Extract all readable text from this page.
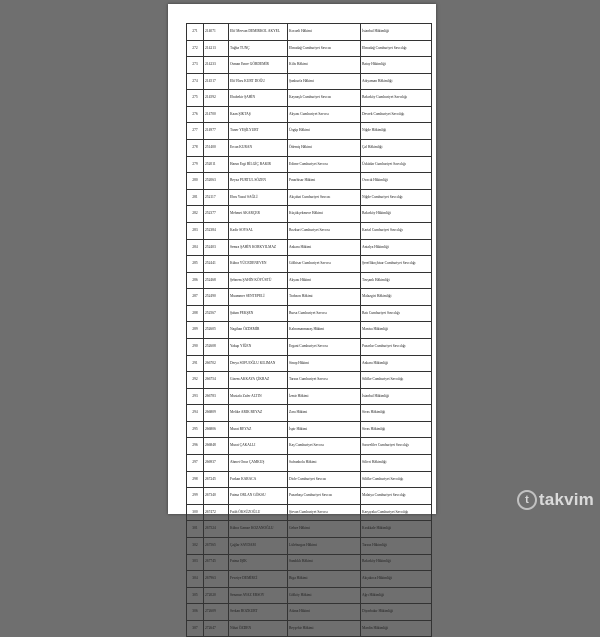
271	214071	Elif Mervan DEMIRKOL AKYEL	Kocaeli Hâkimi	İstanbul Hâkimliği
272	214213	Tuğba TUNÇ	Elmadağ Cumhuriyet Savcısı	Elmadağ Cumhuriyet Savcılığı
273	214233	Osman Emre GÖRDEMİR	Kilis Hâkimi	Batay Hâkimliği
274	214517	Elif Ebru KURT DOĞU	Şanlıurfa Hâkimi	Adıyaman Hâkimliği
275	214592	Ebubekir ŞAHİN	Kaynaşlı Cumhuriyet Savcısı	Bakırköy Cumhuriyet Savcılığı
276	214700	Kaan ŞIKTAŞ	Akyazı Cumhuriyet Savcısı	Devrek Cumhuriyet Savcılığı
277	214977	Tuner YEŞİLYURT	Ürgüp Hâkimi	Niğde Hâkimliği
278	251400	Ercan KURAN	Ödemiş Hâkimi	Çal Hâkimliği
279	252011	Harun Ergi BİLGİÇ BAKIR	Edirne Cumhuriyet Savcısı	Üsküdar Cumhuriyet Savcılığı
280	252063	Beyza PURTUL SÖZEN	Pınarhisar Hâkimi	Ovacık Hâkimliği
281	252117	Ebru Yusuf SAĞLİ	Akçabat Cumhuriyet Savcısı	Niğde Cumhuriyet Savcılığı
282	252377	Mehmet AKARÇER	Küçükçekmece Hâkimi	Bakırköy Hâkimliği
283	252384	Kadir SOYSAL	Bozkurt Cumhuriyet Savcısı	Kartal Cumhuriyet Savcılığı
284	252403	Semra ŞAHİN KORKYILMAZ	Ankara Hâkimi	Antalya Hâkimliği
285	252441	Kübra YÜCEDENEVEN	Gölhisar Cumhuriyet Savcısı	Şereflikoçhisar Cumhuriyet Savcılığı
286	252468	Şebnem ŞAHİN KÖYÜSTÜ	Akyazı Hâkimi	Tavşanlı Hâkimliği
287	252490	Muammer SENTEPELİ	Trabzon Hâkimi	Malazgirt Hâkimliği
288	252567	Şaban PEKŞEN	Bursa Cumhuriyet Savcısı	Batı Cumhuriyet Savcılığı
289	252605	Nagihan ÖZDEMİR	Kahramanmaraş Hâkimi	Manisa Hâkimliği
290	252608	Yakup YİĞEN	Ergani Cumhuriyet Savcısı	Pazarlar Cumhuriyet Savcılığı
291	266702	Derya SOFUOĞLU KILIMAN	Sinop Hâkimi	Ankara Hâkimliği
292	266754	Gizem AKKAYA ÇİKRAZ	Tarsus Cumhuriyet Savcısı	Silifke Cumhuriyet Savcılığı
293	266783	Mustafa Zafer ALTIN	İzmir Hâkimi	İstanbul Hâkimliği
294	266809	Melike ARIK BEYAZ	Zara Hâkimi	Sivas Hâkimliği
295	266806	Murat BEYAZ	İspir Hâkimi	Sivas Hâkimliği
296	266848	Murat ÇAKALLI	Kaş Cumhuriyet Savcısı	Sarıveliler Cumhuriyet Savcılığı
297	266937	Ahmet Onur ÇAMKUŞ	Safranbolu Hâkimi	Silivri Hâkimliği
298	267245	Furkan KARACA	Dicle Cumhuriyet Savcısı	Silifke Cumhuriyet Savcılığı
299	267340	Fatma ORLAN GÖKSU	Pazarbaşı Cumhuriyet Savcısı	Malatya Cumhuriyet Savcılığı
300	267472	Fatih ÖKSÜZOĞLU	Şirvan Cumhuriyet Savcısı	Karşıyaka Cumhuriyet Savcılığı
301	267524	Kübra Gamze KOZANOĞLU	Gebze Hâkimi	Kırıkkale Hâkimliği
302	267565	Çağlar SAYDAM	Lüleburgaz Hâkimi	Tarsus Hâkimliği
303	267745	Fatma IŞIK	Sandıklı Hâkimi	Bakırköy Hâkimliği
304	267963	Fevziye DEMİRCİ	Biga Hâkimi	Akçakoca Hâkimliği
305	272020	Senanur AYAZ ERSOY	Gölköy Hâkimi	Ağrı Hâkimliği
306	272609	Serkan BOZKURT	Adana Hâkimi	Diyarbakır Hâkimliği
307	272647	Nihat ÖZDEN	Beyşehir Hâkimi	Mardin Hâkimliği
t takvim
